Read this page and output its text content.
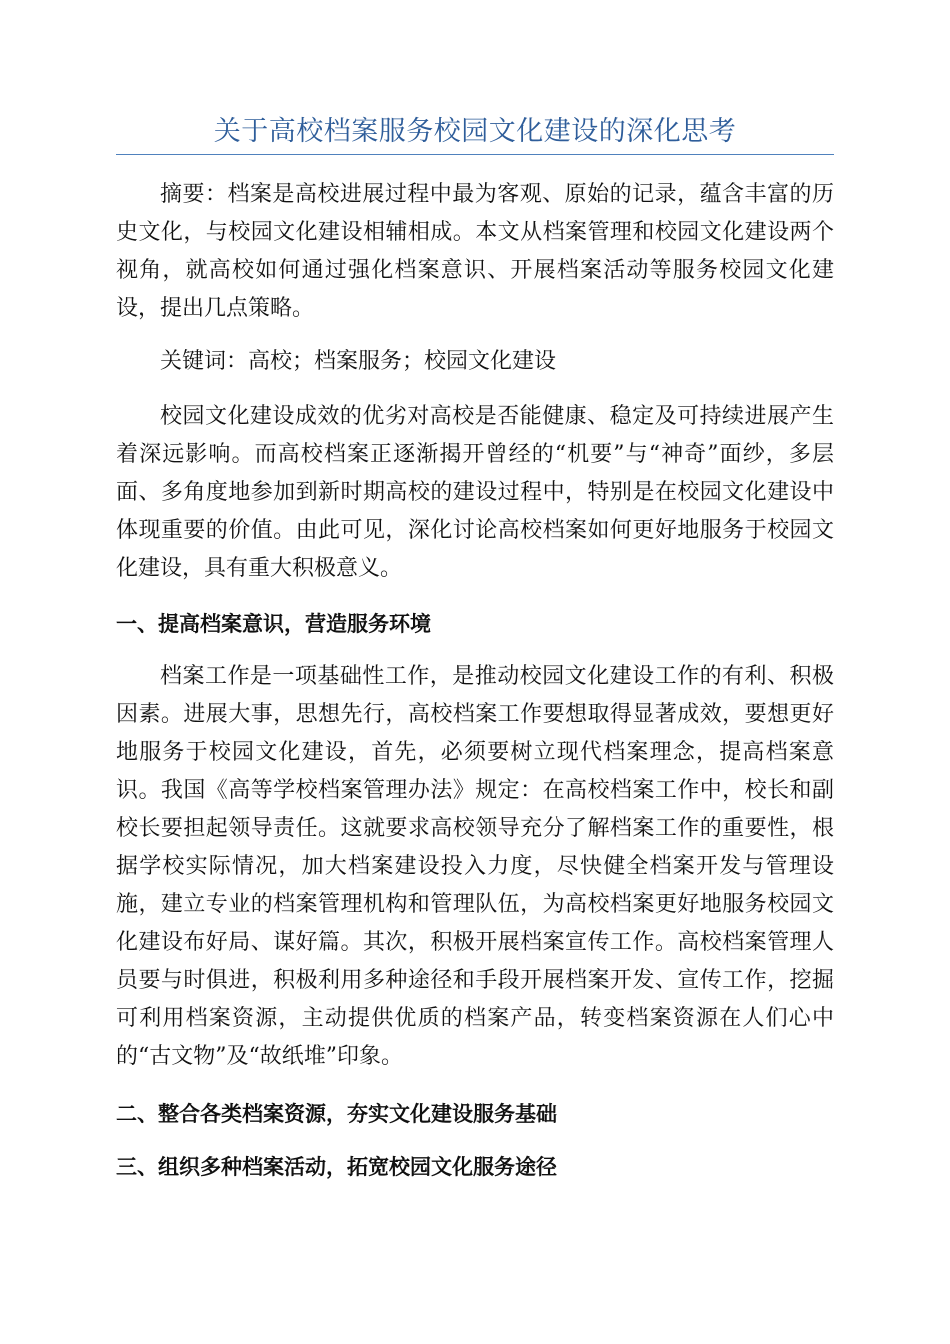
关于高校档案服务校园文化建设的深化思考

摘要：档案是高校进展过程中最为客观、原始的记录，蕴含丰富的历史文化，与校园文化建设相辅相成。本文从档案管理和校园文化建设两个视角，就高校如何通过强化档案意识、开展档案活动等服务校园文化建设，提出几点策略。

关键词：高校；档案服务；校园文化建设

校园文化建设成效的优劣对高校是否能健康、稳定及可持续进展产生着深远影响。而高校档案正逐渐揭开曾经的“机要”与“神奇”面纱，多层面、多角度地参加到新时期高校的建设过程中，特别是在校园文化建设中体现重要的价值。由此可见，深化讨论高校档案如何更好地服务于校园文化建设，具有重大积极意义。

一、提高档案意识，营造服务环境

档案工作是一项基础性工作，是推动校园文化建设工作的有利、积极因素。进展大事，思想先行，高校档案工作要想取得显著成效，要想更好地服务于校园文化建设，首先，必须要树立现代档案理念，提高档案意识。我国《高等学校档案管理办法》规定：在高校档案工作中，校长和副校长要担起领导责任。这就要求高校领导充分了解档案工作的重要性，根据学校实际情况，加大档案建设投入力度，尽快健全档案开发与管理设施，建立专业的档案管理机构和管理队伍，为高校档案更好地服务校园文化建设布好局、谋好篇。其次，积极开展档案宣传工作。高校档案管理人员要与时俱进，积极利用多种途径和手段开展档案开发、宣传工作，挖掘可利用档案资源，主动提供优质的档案产品，转变档案资源在人们心中的“古文物”及“故纸堆”印象。

二、整合各类档案资源，夯实文化建设服务基础
三、组织多种档案活动，拓宽校园文化服务途径
